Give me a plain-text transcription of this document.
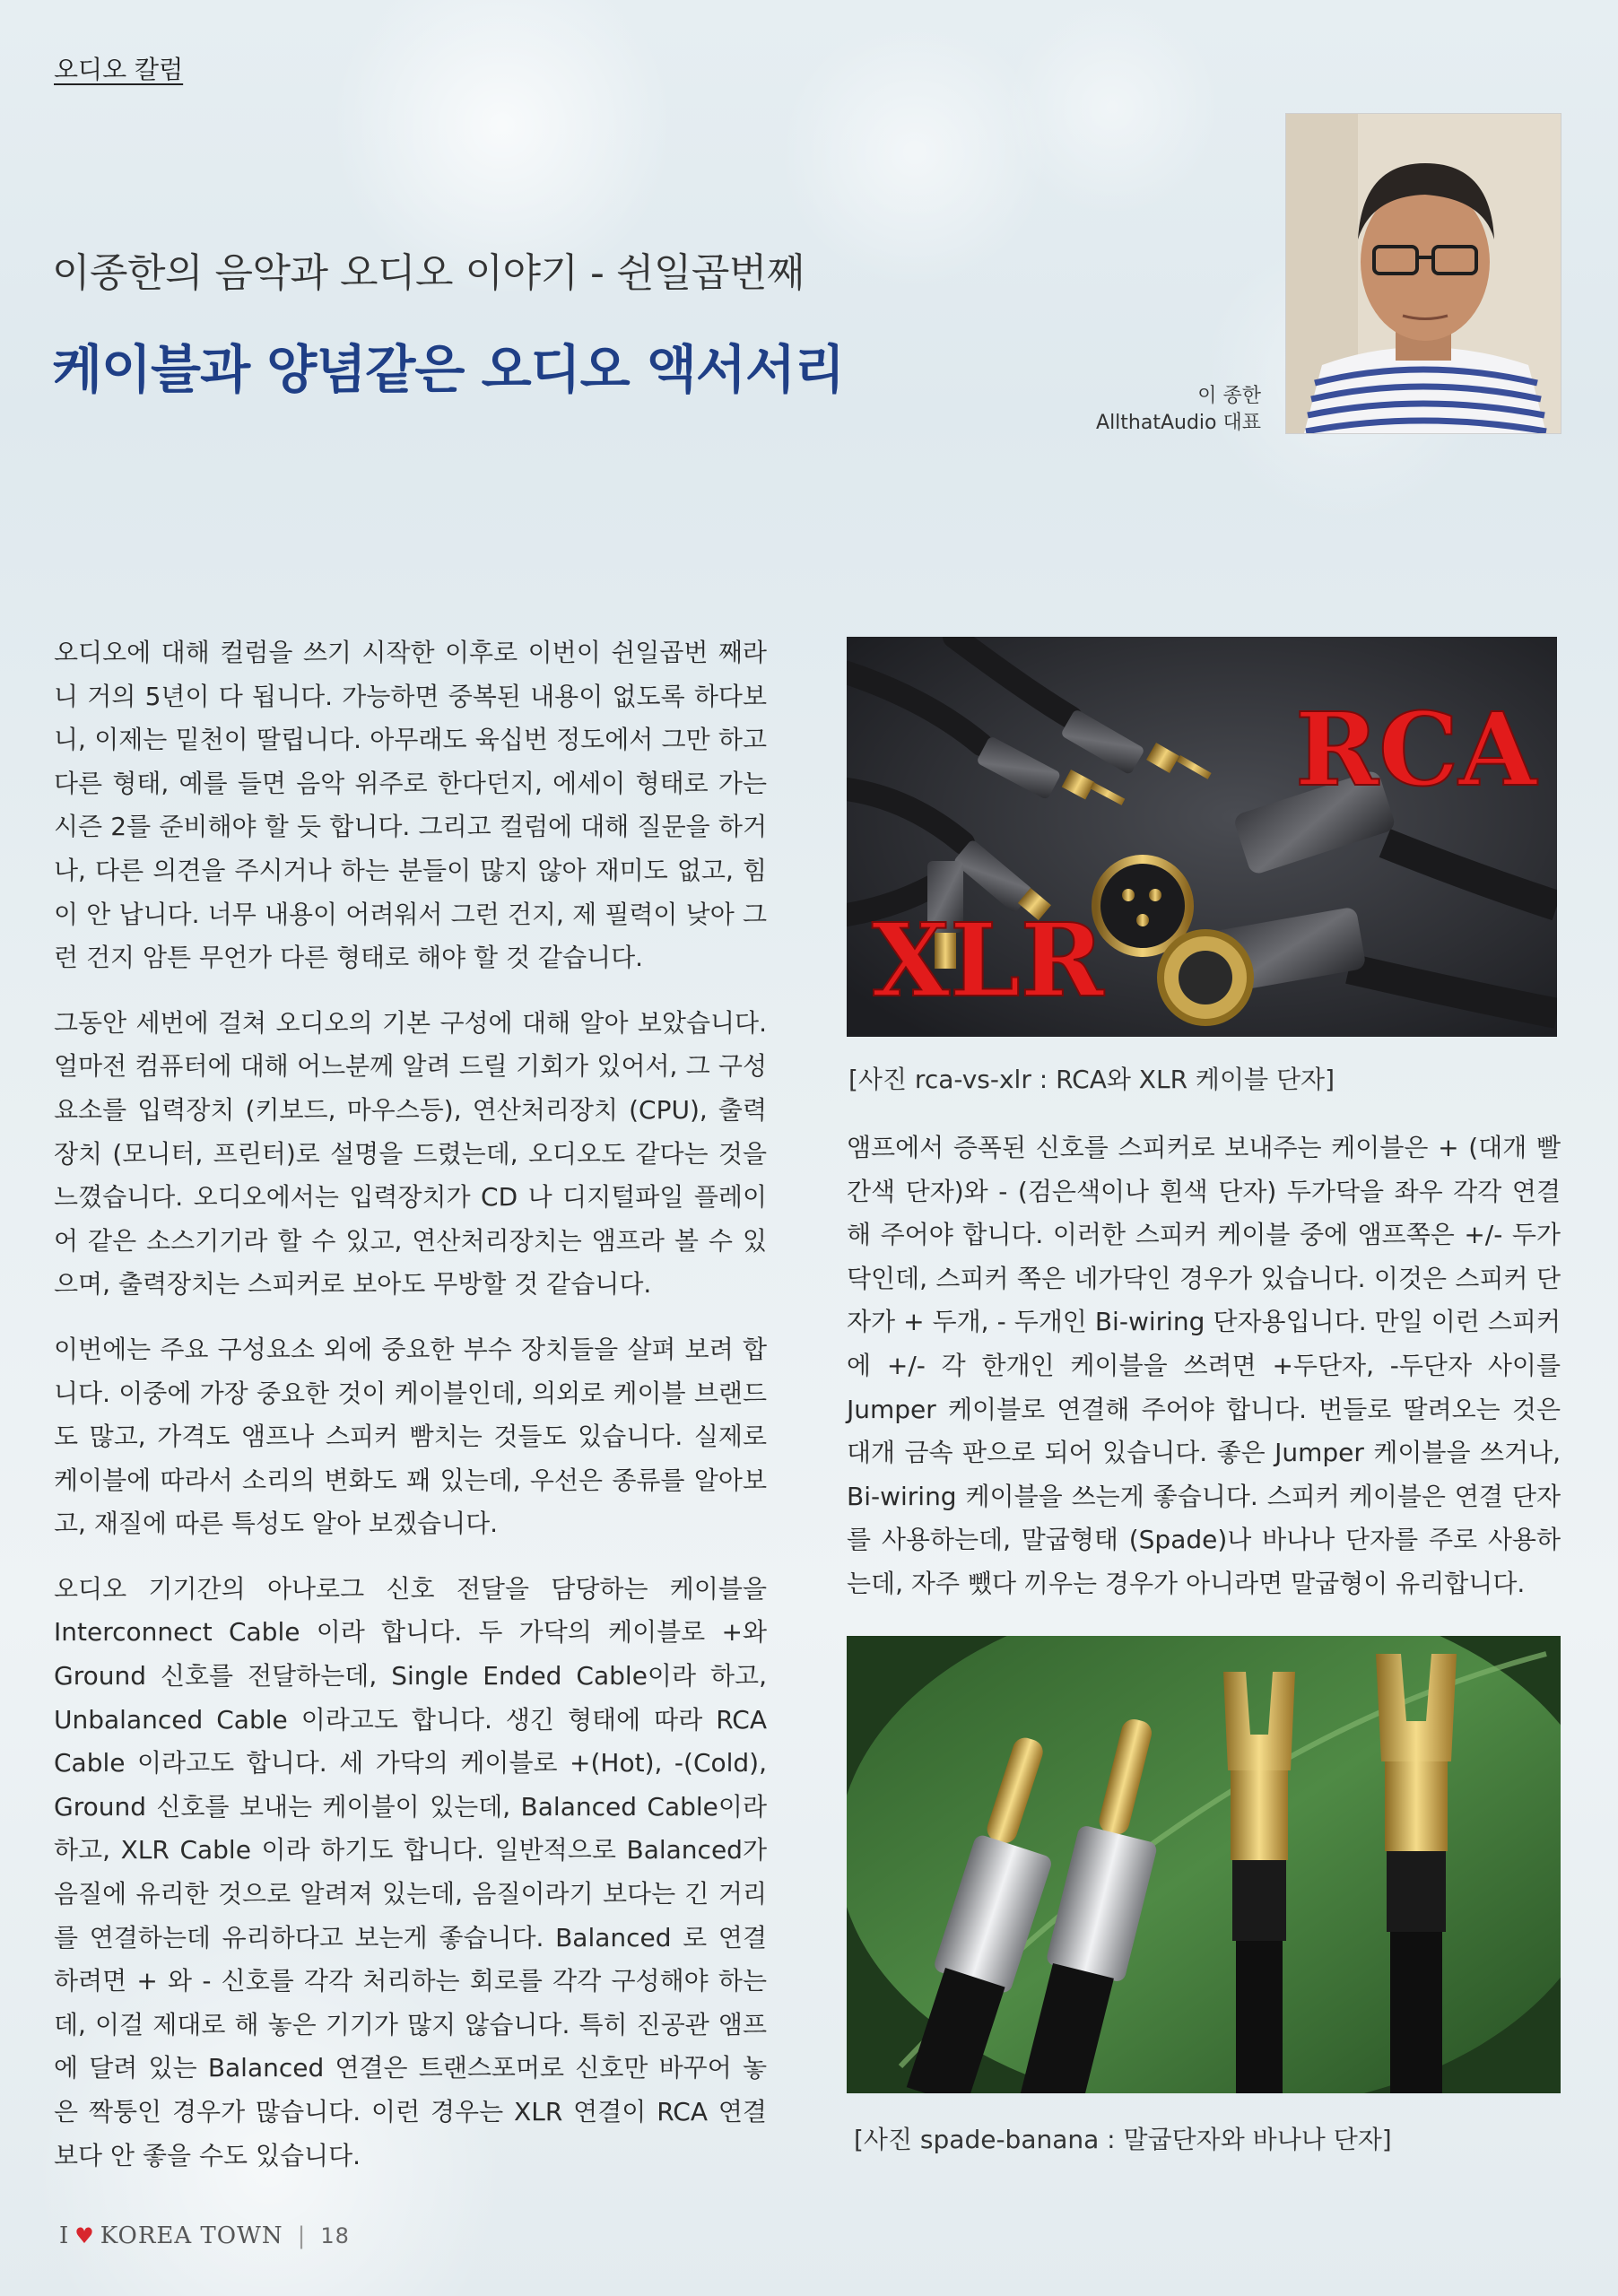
오디오 칼럼
이종한의 음악과 오디오 이야기 - 쉰일곱번째
케이블과 양념같은 오디오 액서서리	이 종한
AllthatAudio 대표

오디오에 대해 컬럼을 쓰기 시작한 이후로 이번이 쉰일곱번 째라니 거의 5년이 다 됩니다. 가능하면 중복된 내용이 없도록 하다보니, 이제는 밑천이 딸립니다. 아무래도 육십번 정도에서 그만 하고 다른 형태, 예를 들면 음악 위주로 한다던지, 에세이 형태로 가는 시즌 2를 준비해야 할 듯 합니다. 그리고 컬럼에 대해 질문을 하거나, 다른 의견을 주시거나 하는 분들이 많지 않아 재미도 없고, 힘이 안 납니다. 너무 내용이 어려워서 그런 건지, 제 필력이 낮아 그런 건지 암튼 무언가 다른 형태로 해야 할 것 같습니다.

그동안 세번에 걸쳐 오디오의 기본 구성에 대해 알아 보았습니다. 얼마전 컴퓨터에 대해 어느분께 알려 드릴 기회가 있어서, 그 구성요소를 입력장치 (키보드, 마우스등), 연산처리장치 (CPU), 출력장치 (모니터, 프린터)로 설명을 드렸는데, 오디오도 같다는 것을 느꼈습니다. 오디오에서는 입력장치가 CD 나 디지털파일 플레이어 같은 소스기기라 할 수 있고, 연산처리장치는 앰프라 볼 수 있으며, 출력장치는 스피커로 보아도 무방할 것 같습니다.

이번에는 주요 구성요소 외에 중요한 부수 장치들을 살펴 보려 합니다. 이중에 가장 중요한 것이 케이블인데, 의외로 케이블 브랜드도 많고, 가격도 앰프나 스피커 빰치는 것들도 있습니다. 실제로 케이블에 따라서 소리의 변화도 꽤 있는데, 우선은 종류를 알아보고, 재질에 따른 특성도 알아 보겠습니다.

오디오 기기간의 아나로그 신호 전달을 담당하는 케이블을 Interconnect Cable 이라 합니다. 두 가닥의 케이블로 +와 Ground 신호를 전달하는데, Single Ended Cable이라 하고, Unbalanced Cable 이라고도 합니다. 생긴 형태에 따라 RCA Cable 이라고도 합니다. 세 가닥의 케이블로 +(Hot), -(Cold), Ground 신호를 보내는 케이블이 있는데, Balanced Cable이라 하고, XLR Cable 이라 하기도 합니다. 일반적으로 Balanced가 음질에 유리한 것으로 알려져 있는데, 음질이라기 보다는 긴 거리를 연결하는데 유리하다고 보는게 좋습니다. Balanced 로 연결하려면 + 와 - 신호를 각각 처리하는 회로를 각각 구성해야 하는데, 이걸 제대로 해 놓은 기기가 많지 않습니다. 특히 진공관 앰프에 달려 있는 Balanced 연결은 트랜스포머로 신호만 바꾸어 놓은 짝퉁인 경우가 많습니다. 이런 경우는 XLR 연결이 RCA 연결보다 안 좋을 수도 있습니다.

RCA
XLR
[사진 rca-vs-xlr : RCA와 XLR 케이블 단자]

앰프에서 증폭된 신호를 스피커로 보내주는 케이블은 + (대개 빨간색 단자)와 - (검은색이나 흰색 단자) 두가닥을 좌우 각각 연결해 주어야 합니다. 이러한 스피커 케이블 중에 앰프쪽은 +/- 두가닥인데, 스피커 쪽은 네가닥인 경우가 있습니다. 이것은 스피커 단자가 + 두개, - 두개인 Bi-wiring 단자용입니다. 만일 이런 스피커에 +/- 각 한개인 케이블을 쓰려면 +두단자, -두단자 사이를 Jumper 케이블로 연결해 주어야 합니다. 번들로 딸려오는 것은 대개 금속 판으로 되어 있습니다. 좋은 Jumper 케이블을 쓰거나, Bi-wiring 케이블을 쓰는게 좋습니다. 스피커 케이블은 연결 단자를 사용하는데, 말굽형태 (Spade)나 바나나 단자를 주로 사용하는데, 자주 뺐다 끼우는 경우가 아니라면 말굽형이 유리합니다.

[사진 spade-banana : 말굽단자와 바나나 단자]
I ♥ KOREA TOWN | 18
